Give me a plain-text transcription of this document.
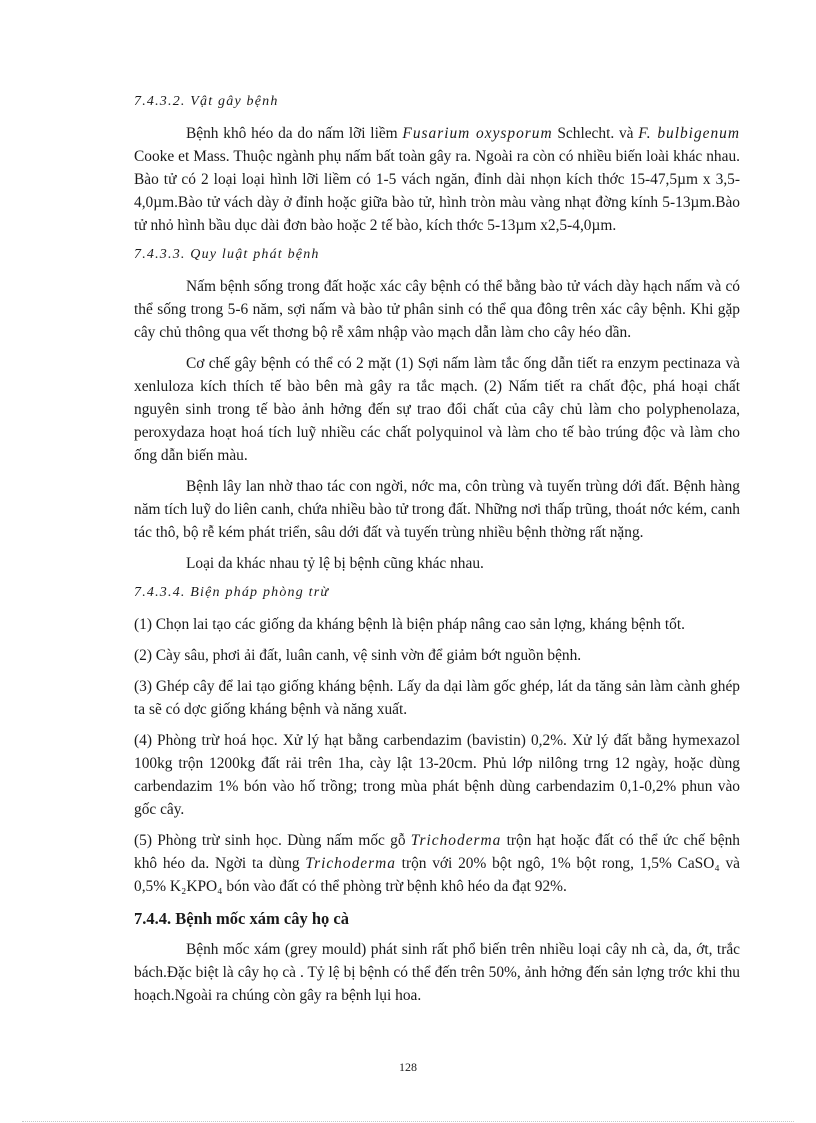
7.4.3.2. Vật gây bệnh

Bệnh khô héo da do nấm lỡi liềm Fusarium oxysporum Schlecht. và F. bulbigenum Cooke et Mass. Thuộc ngành phụ nấm bất toàn gây ra. Ngoài ra còn có nhiều biến loài khác nhau. Bào tử có 2 loại loại hình lỡi liềm có 1-5 vách ngăn, đỉnh dài nhọn kích thớc 15-47,5µm x 3,5-4,0µm.Bào tử vách dày ở đỉnh hoặc giữa bào tử, hình tròn màu vàng nhạt đờng kính 5-13µm.Bào tử nhỏ hình bầu dục dài đơn bào hoặc 2 tế bào, kích thớc 5-13µm x2,5-4,0µm.

7.4.3.3. Quy luật phát bệnh

Nấm bệnh sống trong đất hoặc xác cây bệnh có thể bằng bào tử vách dày hạch nấm và có thể sống trong 5-6 năm, sợi nấm và bào tử phân sinh có thể qua đông trên xác cây bệnh. Khi gặp cây chủ thông qua vết thơng bộ rễ xâm nhập vào mạch dẫn làm cho cây héo dần.

Cơ chế gây bệnh có thể có 2 mặt (1) Sợi nấm làm tắc ống dẫn tiết ra enzym pectinaza và xenluloza kích thích tế bào bên mà gây ra tắc mạch. (2) Nấm tiết ra chất độc, phá hoại chất nguyên sinh trong tế bào ảnh hởng đến sự trao đổi chất của cây chủ làm cho polyphenolaza, peroxydaza hoạt hoá tích luỹ nhiều các chất polyquinol và làm cho tế bào trúng độc và làm cho ống dẫn biến màu.

Bệnh lây lan nhờ thao tác con ngời, nớc ma, côn trùng và tuyến trùng dới đất. Bệnh hàng năm tích luỹ do liên canh, chứa nhiều bào tử trong đất. Những nơi thấp trũng, thoát nớc kém, canh tác thô, bộ rễ kém phát triển, sâu dới đất và tuyến trùng nhiều bệnh thờng rất nặng.

Loại da khác nhau tỷ lệ bị bệnh cũng khác nhau.

7.4.3.4. Biện pháp phòng trừ

(1) Chọn lai tạo các giống da kháng bệnh là biện pháp nâng cao sản lợng, kháng bệnh tốt.

(2) Cày sâu, phơi ải đất, luân canh, vệ sinh vờn để giảm bớt nguồn bệnh.

(3) Ghép cây để lai tạo giống kháng bệnh. Lấy da dại làm gốc ghép, lát da tăng sản làm cành ghép ta sẽ có dợc giống kháng bệnh và năng xuất.

(4) Phòng trừ hoá học. Xử lý hạt bằng carbendazim (bavistin) 0,2%. Xử lý đất bằng hymexazol 100kg trộn 1200kg đất rải trên 1ha, cày lật 13-20cm. Phủ lớp nilông trng 12 ngày, hoặc dùng carbendazim 1% bón vào hố trồng; trong mùa phát bệnh dùng carbendazim 0,1-0,2% phun vào gốc cây.

(5) Phòng trừ sinh học. Dùng nấm mốc gỗ Trichoderma trộn hạt hoặc đất có thể ức chế bệnh khô héo da. Ngời ta dùng Trichoderma trộn với 20% bột ngô, 1% bột rong, 1,5% CaSO₄ và 0,5% K₂KPO₄ bón vào đất có thể phòng trừ bệnh khô héo da đạt 92%.

7.4.4. Bệnh mốc xám cây họ cà

Bệnh mốc xám (grey mould) phát sinh rất phổ biến trên nhiều loại cây nh cà, da, ớt, trắc bách.Đặc biệt là cây họ cà . Tỷ lệ bị bệnh có thể đến trên 50%, ảnh hởng đến sản lợng trớc khi thu hoạch.Ngoài ra chúng còn gây ra bệnh lụi hoa.

128
